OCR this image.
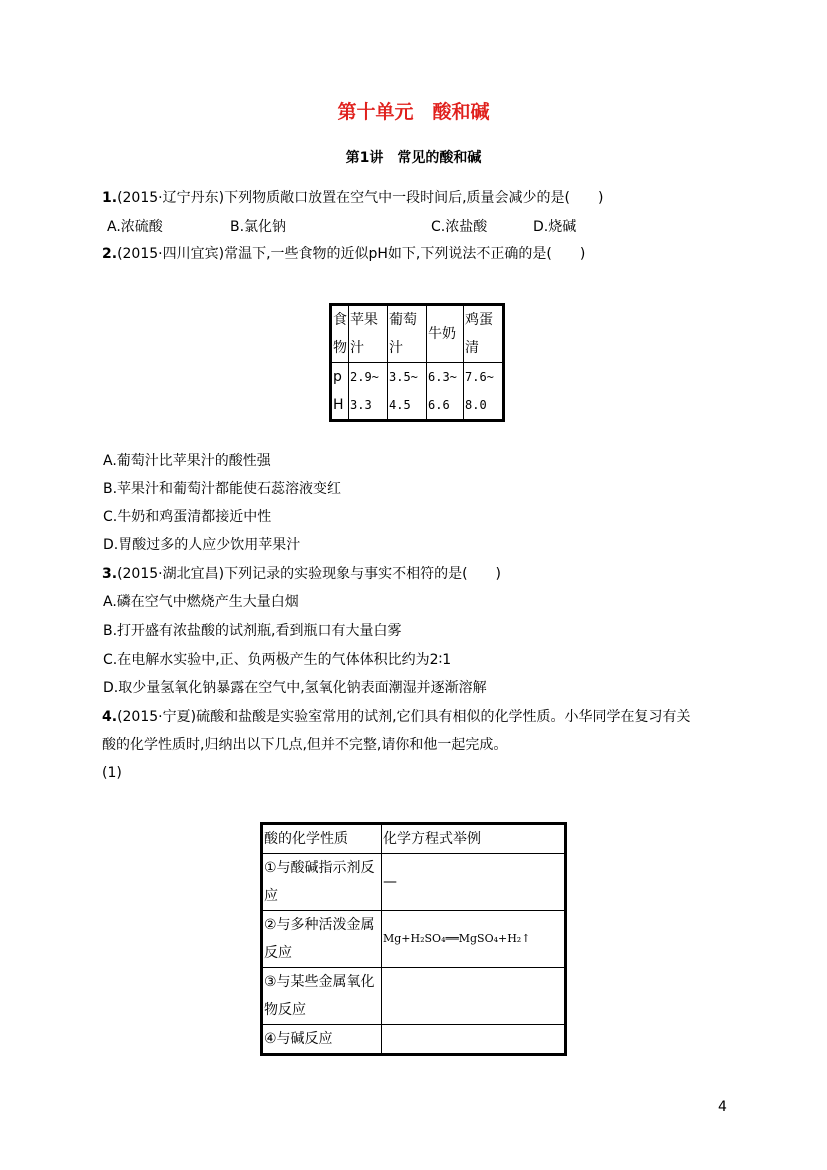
第十单元　酸和碱
第1讲　常见的酸和碱
1.(2015·辽宁丹东)下列物质敞口放置在空气中一段时间后,质量会减少的是(　　)
A.浓硫酸	B.氯化钠	C.浓盐酸	D.烧碱
2.(2015·四川宜宾)常温下,一些食物的近似pH如下,下列说法不正确的是(　　)
食物	苹果汁	葡萄汁	牛奶	鸡蛋清
pH	2.9~3.3	3.5~4.5	6.3~6.6	7.6~8.0
A.葡萄汁比苹果汁的酸性强
B.苹果汁和葡萄汁都能使石蕊溶液变红
C.牛奶和鸡蛋清都接近中性
D.胃酸过多的人应少饮用苹果汁
3.(2015·湖北宜昌)下列记录的实验现象与事实不相符的是(　　)
A.磷在空气中燃烧产生大量白烟
B.打开盛有浓盐酸的试剂瓶,看到瓶口有大量白雾
C.在电解水实验中,正、负两极产生的气体体积比约为2∶1
D.取少量氢氧化钠暴露在空气中,氢氧化钠表面潮湿并逐渐溶解
4.(2015·宁夏)硫酸和盐酸是实验室常用的试剂,它们具有相似的化学性质。小华同学在复习有关
酸的化学性质时,归纳出以下几点,但并不完整,请你和他一起完成。
(1)
酸的化学性质	化学方程式举例
①与酸碱指示剂反应	—
②与多种活泼金属反应	Mg+H₂SO₄══MgSO₄+H₂↑
③与某些金属氧化物反应	
④与碱反应	
4
